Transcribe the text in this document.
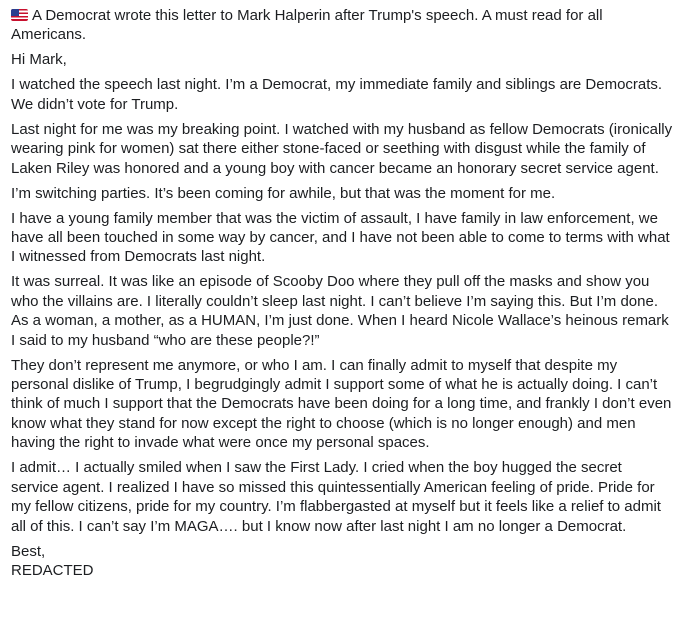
A Democrat wrote this letter to Mark Halperin after Trump's speech. A must read for all Americans.

Hi Mark,

I watched the speech last night. I’m a Democrat, my immediate family and siblings are Democrats. We didn’t vote for Trump.

Last night for me was my breaking point. I watched with my husband as fellow Democrats (ironically wearing pink for women) sat there either stone-faced or seething with disgust while the family of Laken Riley was honored and a young boy with cancer became an honorary secret service agent.

I’m switching parties. It’s been coming for awhile, but that was the moment for me.

I have a young family member that was the victim of assault, I have family in law enforcement, we have all been touched in some way by cancer, and I have not been able to come to terms with what I witnessed from Democrats last night.

It was surreal. It was like an episode of Scooby Doo where they pull off the masks and show you who the villains are. I literally couldn’t sleep last night. I can’t believe I’m saying this. But I’m done. As a woman, a mother, as a HUMAN, I’m just done. When I heard Nicole Wallace’s heinous remark I said to my husband “who are these people?!”

They don’t represent me anymore, or who I am. I can finally admit to myself that despite my personal dislike of Trump, I begrudgingly admit I support some of what he is actually doing. I can’t think of much I support that the Democrats have been doing for a long time, and frankly I don’t even know what they stand for now except the right to choose (which is no longer enough) and men having the right to invade what were once my personal spaces.

I admit… I actually smiled when I saw the First Lady. I cried when the boy hugged the secret service agent. I realized I have so missed this quintessentially American feeling of pride. Pride for my fellow citizens, pride for my country. I’m flabbergasted at myself but it feels like a relief to admit all of this. I can’t say I’m MAGA…. but I know now after last night I am no longer a Democrat.

Best,

REDACTED
